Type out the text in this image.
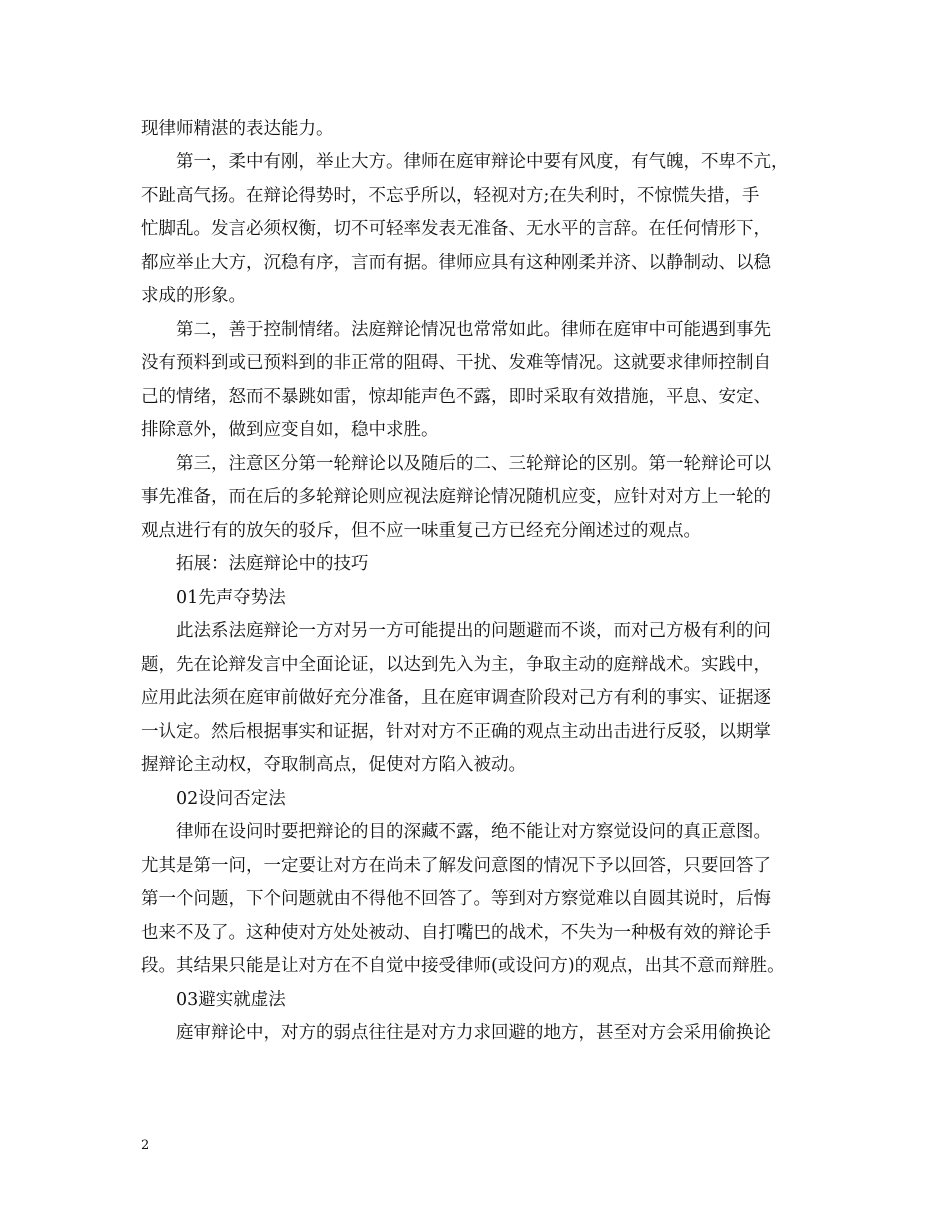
现律师精湛的表达能力。
第一，柔中有刚，举止大方。律师在庭审辩论中要有风度，有气魄，不卑不亢，
不趾高气扬。在辩论得势时，不忘乎所以，轻视对方;在失利时，不惊慌失措，手
忙脚乱。发言必须权衡，切不可轻率发表无准备、无水平的言辞。在任何情形下，
都应举止大方，沉稳有序，言而有据。律师应具有这种刚柔并济、以静制动、以稳
求成的形象。
第二，善于控制情绪。法庭辩论情况也常常如此。律师在庭审中可能遇到事先
没有预料到或已预料到的非正常的阻碍、干扰、发难等情况。这就要求律师控制自
己的情绪，怒而不暴跳如雷，惊却能声色不露，即时采取有效措施，平息、安定、
排除意外，做到应变自如，稳中求胜。
第三，注意区分第一轮辩论以及随后的二、三轮辩论的区别。第一轮辩论可以
事先准备，而在后的多轮辩论则应视法庭辩论情况随机应变，应针对对方上一轮的
观点进行有的放矢的驳斥，但不应一味重复己方已经充分阐述过的观点。
拓展：法庭辩论中的技巧
01先声夺势法
此法系法庭辩论一方对另一方可能提出的问题避而不谈，而对己方极有利的问
题，先在论辩发言中全面论证，以达到先入为主，争取主动的庭辩战术。实践中，
应用此法须在庭审前做好充分准备，且在庭审调查阶段对己方有利的事实、证据逐
一认定。然后根据事实和证据，针对对方不正确的观点主动出击进行反驳，以期掌
握辩论主动权，夺取制高点，促使对方陷入被动。
02设问否定法
律师在设问时要把辩论的目的深藏不露，绝不能让对方察觉设问的真正意图。
尤其是第一问，一定要让对方在尚未了解发问意图的情况下予以回答，只要回答了
第一个问题，下个问题就由不得他不回答了。等到对方察觉难以自圆其说时，后悔
也来不及了。这种使对方处处被动、自打嘴巴的战术，不失为一种极有效的辩论手
段。其结果只能是让对方在不自觉中接受律师(或设问方)的观点，出其不意而辩胜。
03避实就虚法
庭审辩论中，对方的弱点往往是对方力求回避的地方，甚至对方会采用偷换论
2
